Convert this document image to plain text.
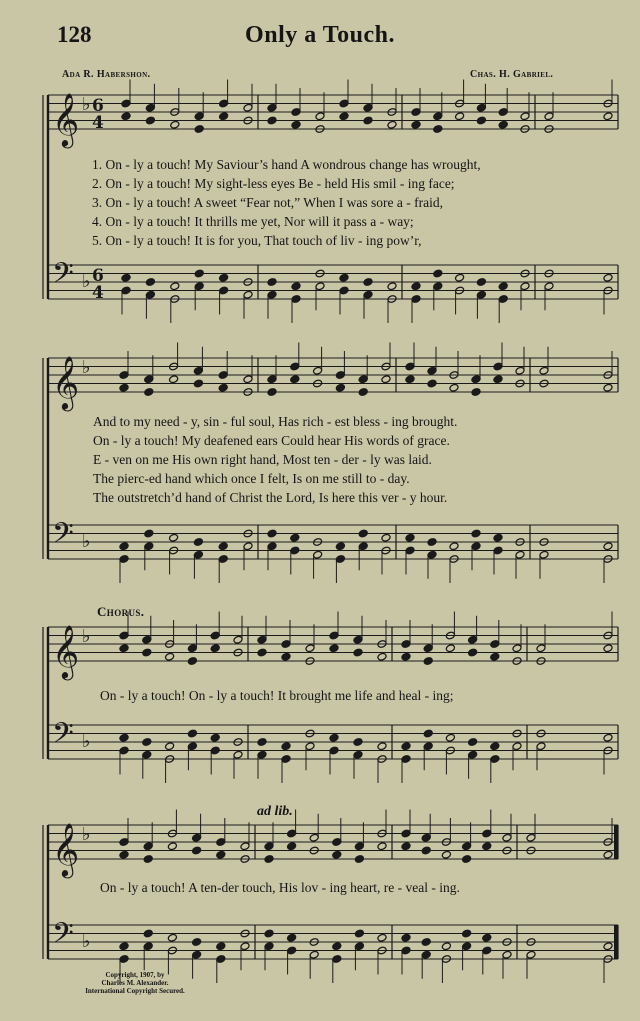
𝄞 ♭
𝄢 ♭
𝄞 ♭
𝄢 ♭
𝄞 ♭
𝄢 ♭
𝄞 ♭
𝄢 ♭
6
4
6
4
128	Only a Touch.
Ada R. Habershon.	Chas. H. Gabriel.
1. On - ly a touch! My Saviour’s hand A wondrous change has wrought,
2. On - ly a touch! My sight-less eyes Be - held His smil - ing face;
3. On - ly a touch! A sweet “Fear not,” When I was sore a - fraid,
4. On - ly a touch! It thrills me yet, Nor will it pass a - way;
5. On - ly a touch! It is for you, That touch of liv - ing pow’r,
And to my need - y, sin - ful soul, Has rich - est bless - ing brought.
On - ly a touch! My deafened ears Could hear His words of grace.
E - ven on me His own right hand, Most ten - der - ly was laid.
The pierc-ed hand which once I felt, Is on me still to - day.
The outstretch’d hand of Christ the Lord, Is here this ver - y hour.
Chorus.
On - ly a touch! On - ly a touch! It brought me life and heal - ing;
ad lib.
On - ly a touch! A ten-der touch, His lov - ing heart, re - veal - ing.
Copyright, 1907, by
Charles M. Alexander.
International Copyright Secured.
